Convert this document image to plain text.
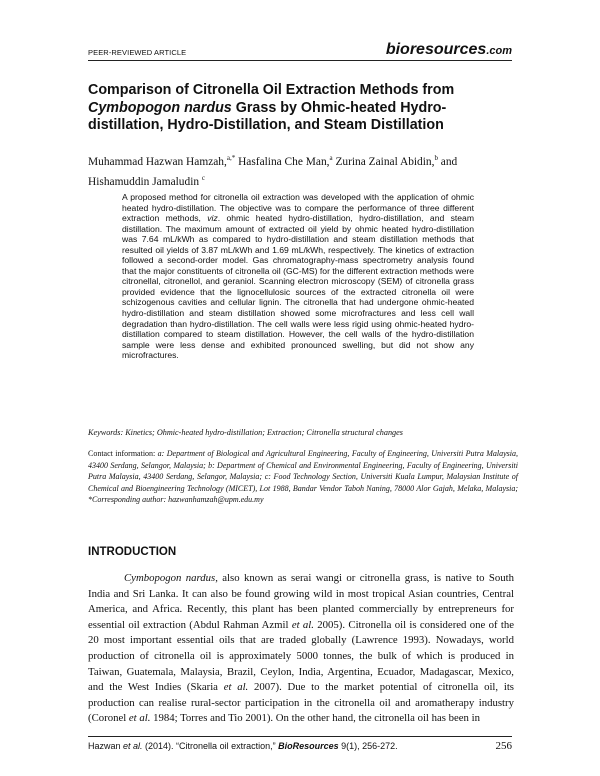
PEER-REVIEWED ARTICLE	bioresources.com
Comparison of Citronella Oil Extraction Methods from
Cymbopogon nardus Grass by Ohmic-heated Hydro-
distillation, Hydro-Distillation, and Steam Distillation
Muhammad Hazwan Hamzah,$^{a,*}$ Hasfalina Che Man,$^a$ Zurina Zainal Abidin,$^b$ and
Hishamuddin Jamaludin $^c$
A proposed method for citronella oil extraction was developed with the application of ohmic heated hydro-distillation. The objective was to compare the performance of three different extraction methods, viz. ohmic heated hydro-distillation, hydro-distillation, and steam distillation. The maximum amount of extracted oil yield by ohmic heated hydro-distillation was 7.64 mL/kWh as compared to hydro-distillation and steam distillation methods that resulted oil yields of 3.87 mL/kWh and 1.69 mL/kWh, respectively. The kinetics of extraction followed a second-order model. Gas chromatography-mass spectrometry analysis found that the major constituents of citronella oil (GC-MS) for the different extraction methods were citronellal, citronellol, and geraniol. Scanning electron microscopy (SEM) of citronella grass provided evidence that the lignocellulosic sources of the extracted citronella oil were schizogenous cavities and cellular lignin. The citronella that had undergone ohmic-heated hydro-distillation and steam distillation showed some microfractures and less cell wall degradation than hydro-distillation. The cell walls were less rigid using ohmic-heated hydro-distillation compared to steam distillation. However, the cell walls of the hydro-distillation sample were less dense and exhibited pronounced swelling, but did not show any microfractures.
Keywords: Kinetics; Ohmic-heated hydro-distillation; Extraction; Citronella structural changes
Contact information: a: Department of Biological and Agricultural Engineering, Faculty of Engineering, Universiti Putra Malaysia, 43400 Serdang, Selangor, Malaysia; b: Department of Chemical and Environmental Engineering, Faculty of Engineering, Universiti Putra Malaysia, 43400 Serdang, Selangor, Malaysia; c: Food Technology Section, Universiti Kuala Lumpur, Malaysian Institute of Chemical and Bioengineering Technology (MICET), Lot 1988, Bandar Vendor Taboh Naning, 78000 Alor Gajah, Melaka, Malaysia; *Corresponding author: hazwanhamzah@upm.edu.my
INTRODUCTION
Cymbopogon nardus, also known as serai wangi or citronella grass, is native to South India and Sri Lanka. It can also be found growing wild in most tropical Asian countries, Central America, and Africa. Recently, this plant has been planted commercially by entrepreneurs for essential oil extraction (Abdul Rahman Azmil et al. 2005). Citronella oil is considered one of the 20 most important essential oils that are traded globally (Lawrence 1993). Nowadays, world production of citronella oil is approximately 5000 tonnes, the bulk of which is produced in Taiwan, Guatemala, Malaysia, Brazil, Ceylon, India, Argentina, Ecuador, Madagascar, Mexico, and the West Indies (Skaria et al. 2007). Due to the market potential of citronella oil, its production can realise rural-sector participation in the citronella oil and aromatherapy industry (Coronel et al. 1984; Torres and Tio 2001). On the other hand, the citronella oil has been in
Hazwan et al. (2014). “Citronella oil extraction,” BioResources 9(1), 256-272.	256
